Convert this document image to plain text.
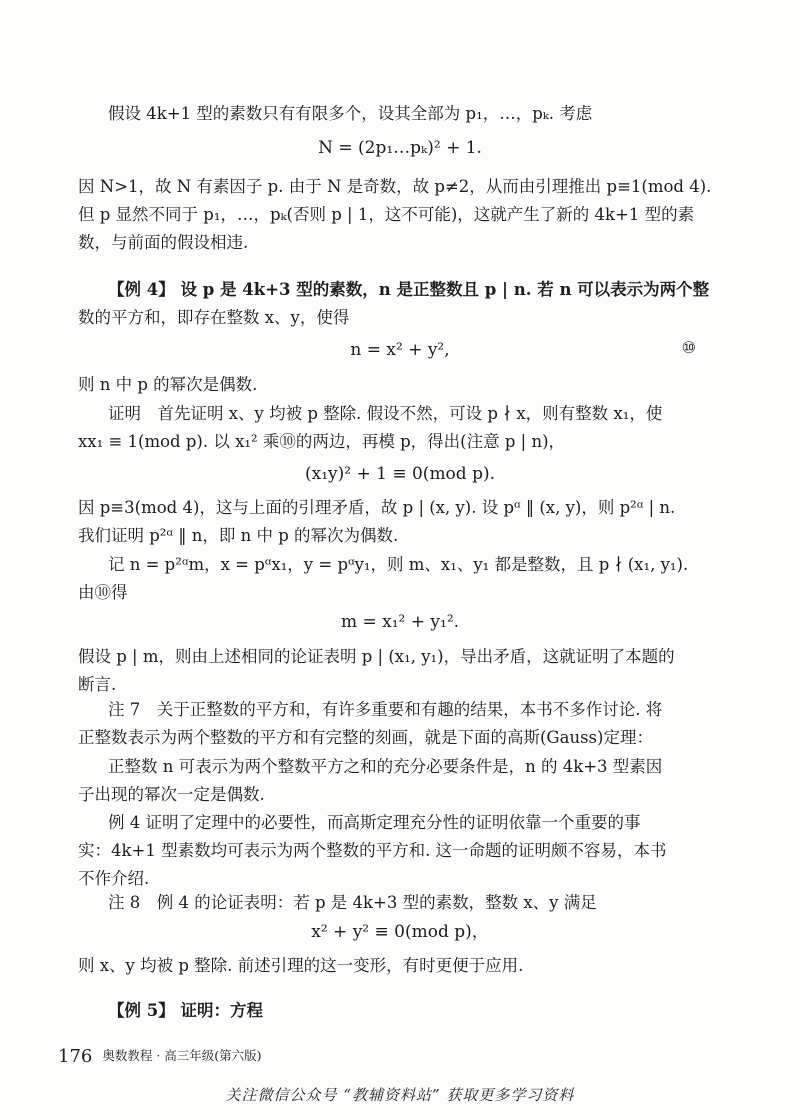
假设 4k+1 型的素数只有有限多个，设其全部为 p₁，…，pₖ. 考虑
N = (2p₁…pₖ)² + 1.
因 N>1，故 N 有素因子 p. 由于 N 是奇数，故 p≠2，从而由引理推出 p≡1(mod 4).
但 p 显然不同于 p₁，…，pₖ(否则 p | 1，这不可能)，这就产生了新的 4k+1 型的素
数，与前面的假设相违.
【例 4】 设 p 是 4k+3 型的素数，n 是正整数且 p | n. 若 n 可以表示为两个整
数的平方和，即存在整数 x、y，使得
n = x² + y²,	⑩
则 n 中 p 的幂次是偶数.
证明　首先证明 x、y 均被 p 整除. 假设不然，可设 p ∤ x，则有整数 x₁，使
xx₁ ≡ 1(mod p). 以 x₁² 乘⑩的两边，再模 p，得出(注意 p | n)，
(x₁y)² + 1 ≡ 0(mod p).
因 p≡3(mod 4)，这与上面的引理矛盾，故 p | (x, y). 设 pᵅ ‖ (x, y)，则 p²ᵅ | n.
我们证明 p²ᵅ ‖ n，即 n 中 p 的幂次为偶数.
记 n = p²ᵅm，x = pᵅx₁，y = pᵅy₁，则 m、x₁、y₁ 都是整数，且 p ∤ (x₁, y₁).
由⑩得
m = x₁² + y₁².
假设 p | m，则由上述相同的论证表明 p | (x₁, y₁)，导出矛盾，这就证明了本题的
断言.
注 7　关于正整数的平方和，有许多重要和有趣的结果，本书不多作讨论. 将
正整数表示为两个整数的平方和有完整的刻画，就是下面的高斯(Gauss)定理：
正整数 n 可表示为两个整数平方之和的充分必要条件是，n 的 4k+3 型素因
子出现的幂次一定是偶数.
例 4 证明了定理中的必要性，而高斯定理充分性的证明依靠一个重要的事
实：4k+1 型素数均可表示为两个整数的平方和. 这一命题的证明颇不容易，本书
不作介绍.
注 8　例 4 的论证表明：若 p 是 4k+3 型的素数，整数 x、y 满足
x² + y² ≡ 0(mod p)，
则 x、y 均被 p 整除. 前述引理的这一变形，有时更便于应用.
【例 5】 证明：方程
176 奥数教程 · 高三年级(第六版)
关注微信公众号 “教辅资料站” 获取更多学习资料
